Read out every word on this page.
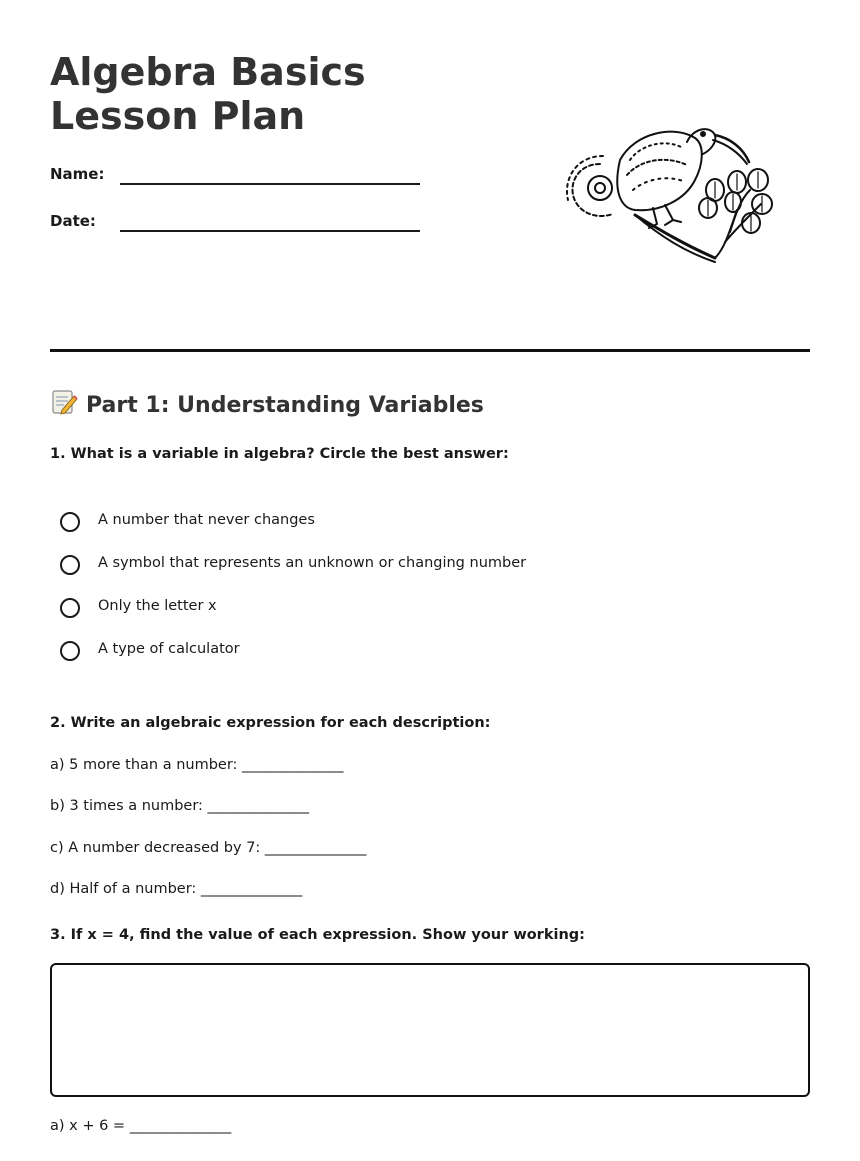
Algebra Basics Lesson Plan
Name:
Date:
Part 1: Understanding Variables

1. What is a variable in algebra? Circle the best answer:

A number that never changes
A symbol that represents an unknown or changing number
Only the letter x
A type of calculator

2. Write an algebraic expression for each description:

a) 5 more than a number: ______________
b) 3 times a number: ______________
c) A number decreased by 7: ______________
d) Half of a number: ______________

3. If x = 4, find the value of each expression. Show your working:

a) x + 6 = ______________
